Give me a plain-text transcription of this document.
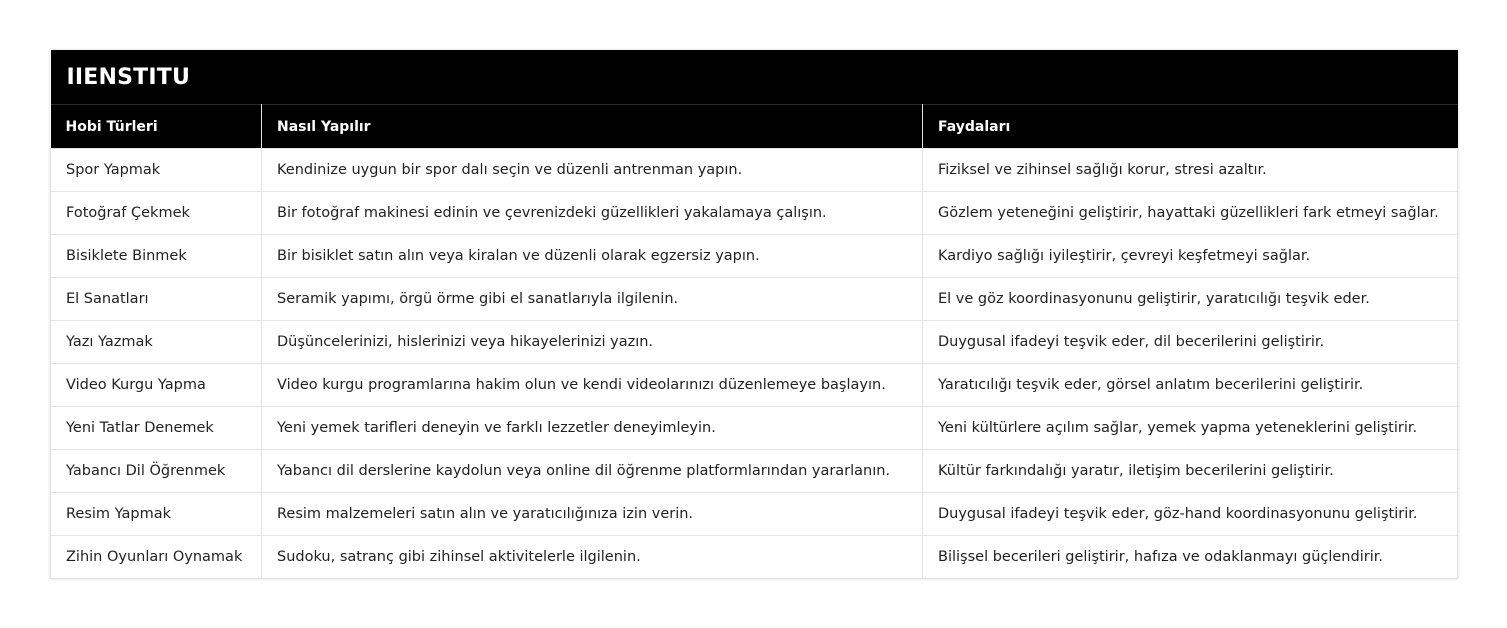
IIENSTITU		
Hobi Türleri	Nasıl Yapılır	Faydaları
Spor Yapmak	Kendinize uygun bir spor dalı seçin ve düzenli antrenman yapın.	Fiziksel ve zihinsel sağlığı korur, stresi azaltır.
Fotoğraf Çekmek	Bir fotoğraf makinesi edinin ve çevrenizdeki güzellikleri yakalamaya çalışın.	Gözlem yeteneğini geliştirir, hayattaki güzellikleri fark etmeyi sağlar.
Bisiklete Binmek	Bir bisiklet satın alın veya kiralan ve düzenli olarak egzersiz yapın.	Kardiyo sağlığı iyileştirir, çevreyi keşfetmeyi sağlar.
El Sanatları	Seramik yapımı, örgü örme gibi el sanatlarıyla ilgilenin.	El ve göz koordinasyonunu geliştirir, yaratıcılığı teşvik eder.
Yazı Yazmak	Düşüncelerinizi, hislerinizi veya hikayelerinizi yazın.	Duygusal ifadeyi teşvik eder, dil becerilerini geliştirir.
Video Kurgu Yapma	Video kurgu programlarına hakim olun ve kendi videolarınızı düzenlemeye başlayın.	Yaratıcılığı teşvik eder, görsel anlatım becerilerini geliştirir.
Yeni Tatlar Denemek	Yeni yemek tarifleri deneyin ve farklı lezzetler deneyimleyin.	Yeni kültürlere açılım sağlar, yemek yapma yeteneklerini geliştirir.
Yabancı Dil Öğrenmek	Yabancı dil derslerine kaydolun veya online dil öğrenme platformlarından yararlanın.	Kültür farkındalığı yaratır, iletişim becerilerini geliştirir.
Resim Yapmak	Resim malzemeleri satın alın ve yaratıcılığınıza izin verin.	Duygusal ifadeyi teşvik eder, göz-hand koordinasyonunu geliştirir.
Zihin Oyunları Oynamak	Sudoku, satranç gibi zihinsel aktivitelerle ilgilenin.	Bilişsel becerileri geliştirir, hafıza ve odaklanmayı güçlendirir.
